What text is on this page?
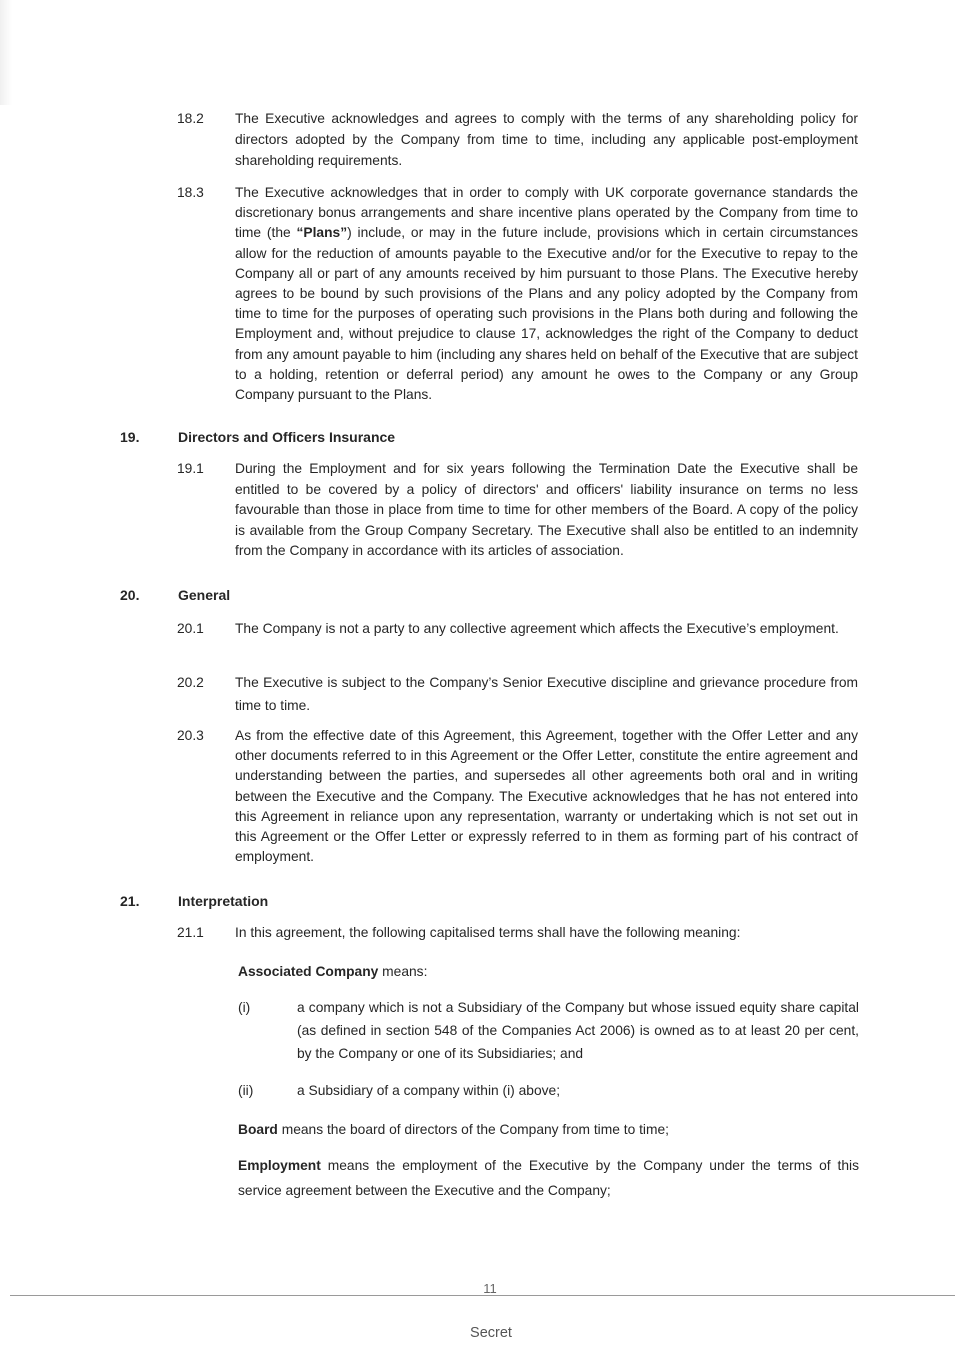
18.2 The Executive acknowledges and agrees to comply with the terms of any shareholding policy for directors adopted by the Company from time to time, including any applicable post-employment shareholding requirements.

18.3 The Executive acknowledges that in order to comply with UK corporate governance standards the discretionary bonus arrangements and share incentive plans operated by the Company from time to time (the “Plans”) include, or may in the future include, provisions which in certain circumstances allow for the reduction of amounts payable to the Executive and/or for the Executive to repay to the Company all or part of any amounts received by him pursuant to those Plans. The Executive hereby agrees to be bound by such provisions of the Plans and any policy adopted by the Company from time to time for the purposes of operating such provisions in the Plans both during and following the Employment and, without prejudice to clause 17, acknowledges the right of the Company to deduct from any amount payable to him (including any shares held on behalf of the Executive that are subject to a holding, retention or deferral period) any amount he owes to the Company or any Group Company pursuant to the Plans.

19.	Directors and Officers Insurance
19.1 During the Employment and for six years following the Termination Date the Executive shall be entitled to be covered by a policy of directors' and officers' liability insurance on terms no less favourable than those in place from time to time for other members of the Board. A copy of the policy is available from the Group Company Secretary. The Executive shall also be entitled to an indemnity from the Company in accordance with its articles of association.

20.	General
20.1 The Company is not a party to any collective agreement which affects the Executive’s employment.

20.2 The Executive is subject to the Company’s Senior Executive discipline and grievance procedure from time to time.

20.3 As from the effective date of this Agreement, this Agreement, together with the Offer Letter and any other documents referred to in this Agreement or the Offer Letter, constitute the entire agreement and understanding between the parties, and supersedes all other agreements both oral and in writing between the Executive and the Company. The Executive acknowledges that he has not entered into this Agreement in reliance upon any representation, warranty or undertaking which is not set out in this Agreement or the Offer Letter or expressly referred to in them as forming part of his contract of employment.

21.	Interpretation
21.1 In this agreement, the following capitalised terms shall have the following meaning:

Associated Company means:

(i)	a company which is not a Subsidiary of the Company but whose issued equity share capital (as defined in section 548 of the Companies Act 2006) is owned as to at least 20 per cent, by the Company or one of its Subsidiaries; and

(ii)	a Subsidiary of a company within (i) above;

Board means the board of directors of the Company from time to time;

Employment means the employment of the Executive by the Company under the terms of this service agreement between the Executive and the Company;

11
Secret
